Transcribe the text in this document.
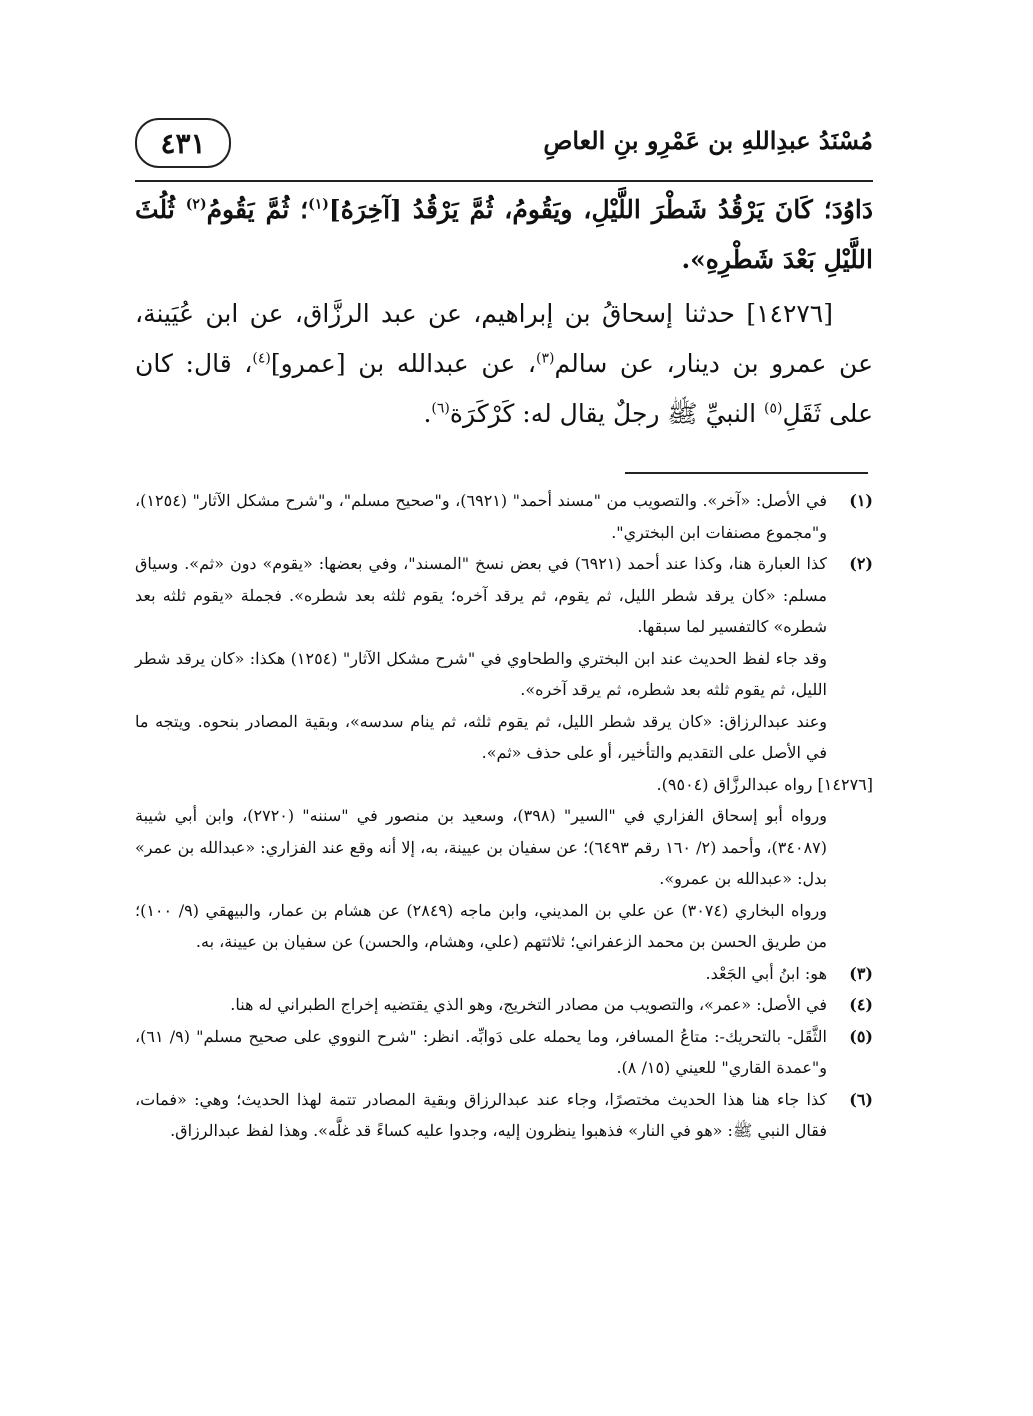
٤٣١	مُسْنَدُ عبدِاللهِ بن عَمْرِو بنِ العاصِ

دَاوُدَ؛ كَانَ يَرْقُدُ شَطْرَ اللَّيْلِ، ويَقُومُ، ثُمَّ يَرْقُدُ [آخِرَهُ]$^{(١)}$؛ ثُمَّ يَقُومُ$^{(٢)}$ ثُلُثَ اللَّيْلِ بَعْدَ شَطْرِهِ».

[١٤٢٧٦] حدثنا إسحاقُ بن إبراهيم، عن عبد الرزَّاق، عن ابن عُيَينة، عن عمرو بن دينار، عن سالم$^{(٣)}$، عن عبدالله بن [عمرو]$^{(٤)}$، قال: كان على ثَقَلِ$^{(٥)}$ النبيِّ ﷺ رجلٌ يقال له: كَرْكَرَة$^{(٦)}$.

(١)
في الأصل: «آخر». والتصويب من "مسند أحمد" (٦٩٢١)، و"صحيح مسلم"، و"شرح مشكل الآثار" (١٢٥٤)، و"مجموع مصنفات ابن البختري".
(٢)

كذا العبارة هنا، وكذا عند أحمد (٦٩٢١) في بعض نسخ "المسند"، وفي بعضها: «يقوم» دون «ثم». وسياق مسلم: «كان يرقد شطر الليل، ثم يقوم، ثم يرقد آخره؛ يقوم ثلثه بعد شطره». فجملة «يقوم ثلثه بعد شطره» كالتفسير لما سبقها.

وقد جاء لفظ الحديث عند ابن البختري والطحاوي في "شرح مشكل الآثار" (١٢٥٤) هكذا: «كان يرقد شطر الليل، ثم يقوم ثلثه بعد شطره، ثم يرقد آخره».

وعند عبدالرزاق: «كان يرقد شطر الليل، ثم يقوم ثلثه، ثم ينام سدسه»، وبقية المصادر بنحوه. ويتجه ما في الأصل على التقديم والتأخير، أو على حذف «ثم».

[١٤٢٧٦] رواه عبدالرزَّاق (٩٥٠٤).

ورواه أبو إسحاق الفزاري في "السير" (٣٩٨)، وسعيد بن منصور في "سننه" (٢٧٢٠)، وابن أبي شيبة (٣٤٠٨٧)، وأحمد (٢/ ١٦٠ رقم ٦٤٩٣)؛ عن سفيان بن عيينة، به، إلا أنه وقع عند الفزاري: «عبدالله بن عمر» بدل: «عبدالله بن عمرو».

ورواه البخاري (٣٠٧٤) عن علي بن المديني، وابن ماجه (٢٨٤٩) عن هشام بن عمار، والبيهقي (٩/ ١٠٠)؛ من طريق الحسن بن محمد الزعفراني؛ ثلاثتهم (علي، وهشام، والحسن) عن سفيان بن عيينة، به.

(٣)
هو: ابنُ أبي الجَعْد.
(٤)
في الأصل: «عمر»، والتصويب من مصادر التخريج، وهو الذي يقتضيه إخراج الطبراني له هنا.
(٥)
الثَّقَل- بالتحريك-: متاعُ المسافر، وما يحمله على دَوابِّه. انظر: "شرح النووي على صحيح مسلم" (٩/ ٦١)، و"عمدة القاري" للعيني (١٥/ ٨).
(٦)
كذا جاء هنا هذا الحديث مختصرًا، وجاء عند عبدالرزاق وبقية المصادر تتمة لهذا الحديث؛ وهي: «فمات، فقال النبي ﷺ: «هو في النار» فذهبوا ينظرون إليه، وجدوا عليه كساءً قد غلَّه». وهذا لفظ عبدالرزاق.
